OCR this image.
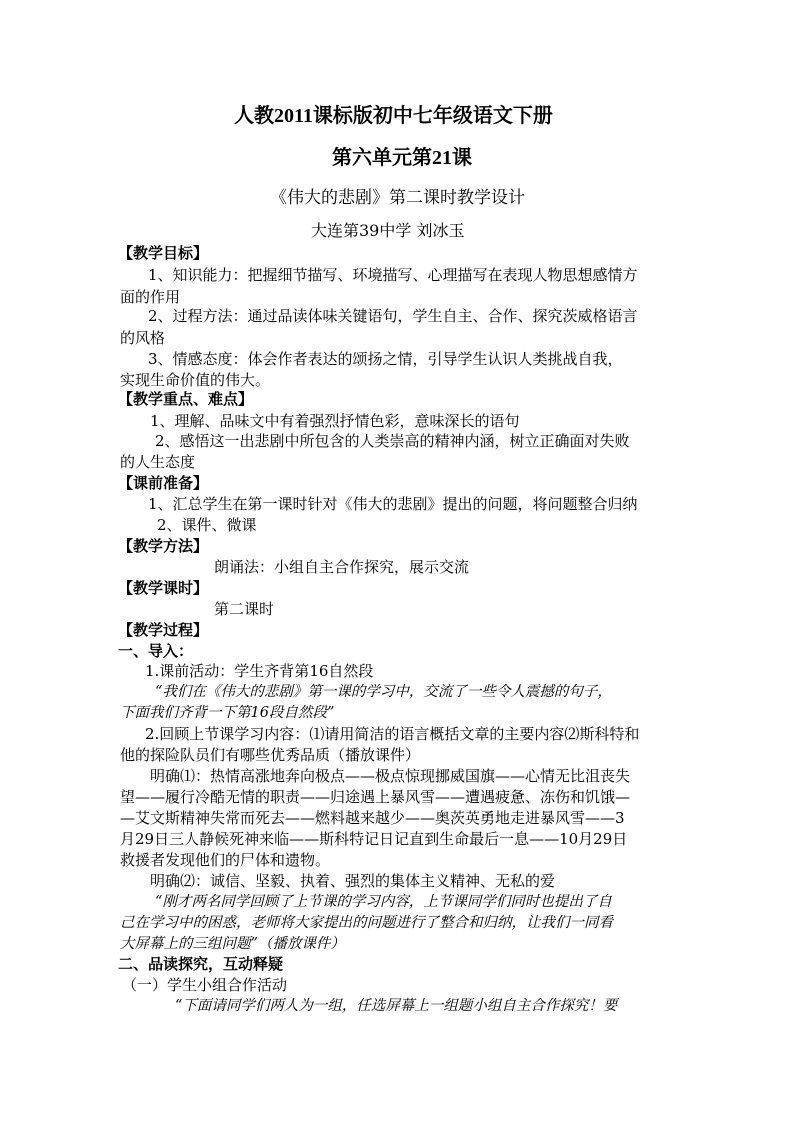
人教2011课标版初中七年级语文下册
第六单元第21课
《伟大的悲剧》第二课时教学设计
大连第39中学 刘冰玉
【教学目标】
1、知识能力：把握细节描写、环境描写、心理描写在表现人物思想感情方
面的作用
2、过程方法：通过品读体味关键语句，学生自主、合作、探究茨威格语言
的风格
3、情感态度：体会作者表达的颂扬之情，引导学生认识人类挑战自我，
实现生命价值的伟大。
【教学重点、难点】
1、理解、品味文中有着强烈抒情色彩，意味深长的语句
2、感悟这一出悲剧中所包含的人类崇高的精神内涵，树立正确面对失败
的人生态度
【课前准备】
1、汇总学生在第一课时针对《伟大的悲剧》提出的问题，将问题整合归纳
2、课件、微课
【教学方法】
朗诵法：小组自主合作探究，展示交流
【教学课时】
第二课时
【教学过程】
一、导入：
1.课前活动：学生齐背第16自然段
“我们在《伟大的悲剧》第一课的学习中，交流了一些令人震撼的句子，
下面我们齐背一下第16段自然段”
2.回顾上节课学习内容：⑴请用简洁的语言概括文章的主要内容⑵斯科特和
他的探险队员们有哪些优秀品质（播放课件）
明确⑴：热情高涨地奔向极点——极点惊现挪威国旗——心情无比沮丧失
望——履行冷酷无情的职责——归途遇上暴风雪——遭遇疲惫、冻伤和饥饿—
—艾文斯精神失常而死去——燃料越来越少——奥茨英勇地走进暴风雪——3
月29日三人静候死神来临——斯科特记日记直到生命最后一息——10月29日
救援者发现他们的尸体和遗物。
明确⑵：诚信、坚毅、执着、强烈的集体主义精神、无私的爱
“刚才两名同学回顾了上节课的学习内容，上节课同学们同时也提出了自
己在学习中的困惑，老师将大家提出的问题进行了整合和归纳，让我们一同看
大屏幕上的三组问题”（播放课件）
二、品读探究，互动释疑
（一）学生小组合作活动
“下面请同学们两人为一组，任选屏幕上一组题小组自主合作探究！要
